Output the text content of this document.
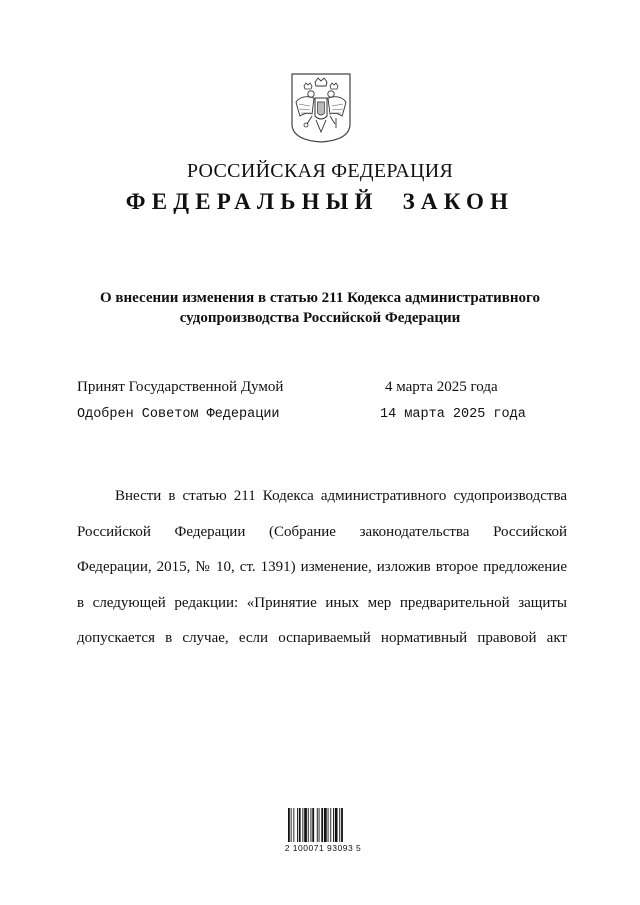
РОССИЙСКАЯ ФЕДЕРАЦИЯ
ФЕДЕРАЛЬНЫЙ ЗАКОН
О внесении изменения в статью 211 Кодекса административного
судопроизводства Российской Федерации
Принят Государственной Думой	4 марта 2025 года
Одобрен Советом Федерации	14 марта 2025 года
Внести в статью 211 Кодекса административного судопроизводства
Российской Федерации (Собрание законодательства Российской
Федерации, 2015, № 10, ст. 1391) изменение, изложив второе предложение
в следующей редакции: «Принятие иных мер предварительной защиты
допускается в случае, если оспариваемый нормативный правовой акт
2 100071 93093 5
